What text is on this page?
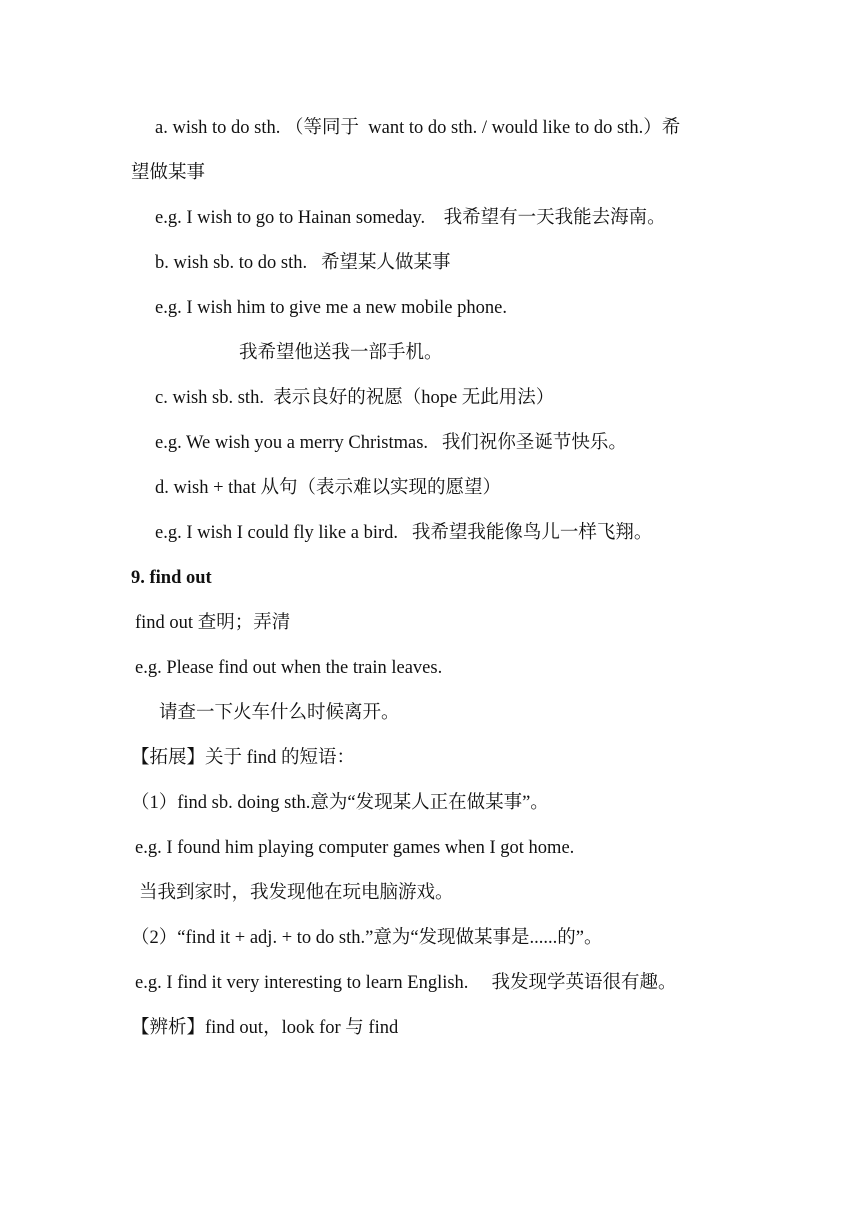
a. wish to do sth. （等同于  want to do sth. / would like to do sth.）希
望做某事
e.g. I wish to go to Hainan someday.    我希望有一天我能去海南。
b. wish sb. to do sth.   希望某人做某事
e.g. I wish him to give me a new mobile phone.
我希望他送我一部手机。
c. wish sb. sth.  表示良好的祝愿（hope 无此用法）
e.g. We wish you a merry Christmas.   我们祝你圣诞节快乐。
d. wish + that 从句（表示难以实现的愿望）
e.g. I wish I could fly like a bird.   我希望我能像鸟儿一样飞翔。
9. find out
find out 查明；弄清
e.g. Please find out when the train leaves.
请查一下火车什么时候离开。
【拓展】关于 find 的短语：
（1）find sb. doing sth.意为“发现某人正在做某事”。
e.g. I found him playing computer games when I got home.
当我到家时，我发现他在玩电脑游戏。
（2）“find it + adj. + to do sth.”意为“发现做某事是......的”。
e.g. I find it very interesting to learn English.     我发现学英语很有趣。
【辨析】find out，look for 与 find
